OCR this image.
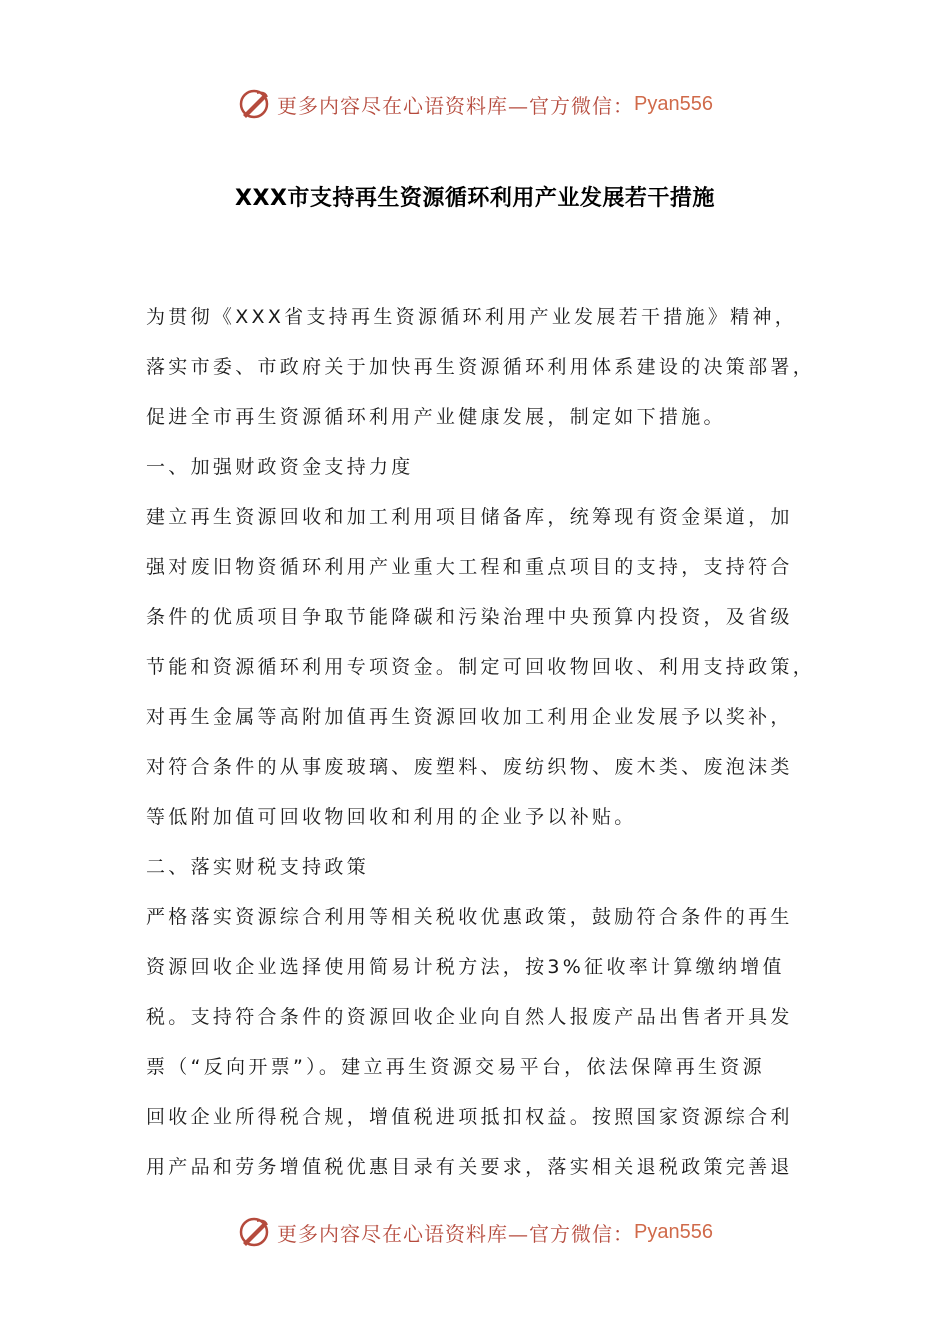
更多内容尽在心语资料库—官方微信： Pyan556
XXX市支持再生资源循环利用产业发展若干措施
为贯彻《XXX省支持再生资源循环利用产业发展若干措施》精神，
落实市委、市政府关于加快再生资源循环利用体系建设的决策部署，
促进全市再生资源循环利用产业健康发展，制定如下措施。
一、加强财政资金支持力度
建立再生资源回收和加工利用项目储备库，统筹现有资金渠道，加
强对废旧物资循环利用产业重大工程和重点项目的支持，支持符合
条件的优质项目争取节能降碳和污染治理中央预算内投资，及省级
节能和资源循环利用专项资金。制定可回收物回收、利用支持政策，
对再生金属等高附加值再生资源回收加工利用企业发展予以奖补，
对符合条件的从事废玻璃、废塑料、废纺织物、废木类、废泡沫类
等低附加值可回收物回收和利用的企业予以补贴。
二、落实财税支持政策
严格落实资源综合利用等相关税收优惠政策，鼓励符合条件的再生
资源回收企业选择使用简易计税方法，按3%征收率计算缴纳增值
税。支持符合条件的资源回收企业向自然人报废产品出售者开具发
票（“反向开票”）。建立再生资源交易平台，依法保障再生资源
回收企业所得税合规，增值税进项抵扣权益。按照国家资源综合利
用产品和劳务增值税优惠目录有关要求，落实相关退税政策完善退
更多内容尽在心语资料库—官方微信： Pyan556
